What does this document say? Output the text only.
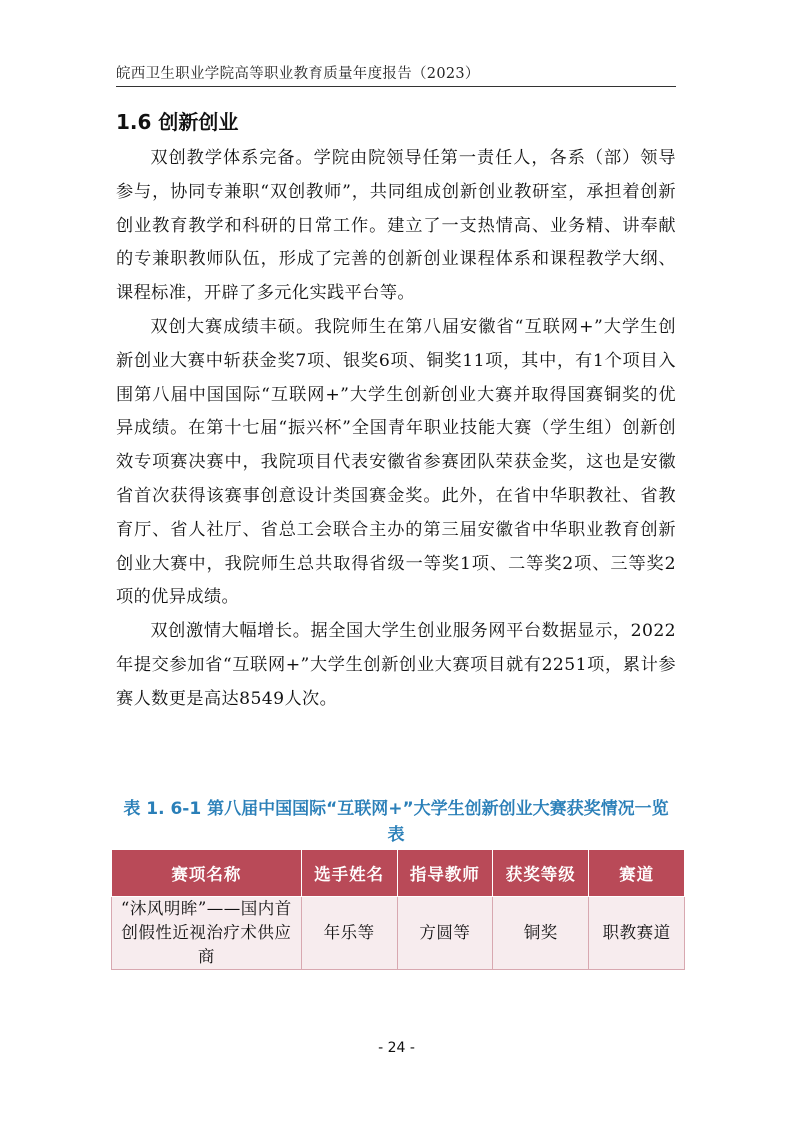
皖西卫生职业学院高等职业教育质量年度报告（2023）
1.6 创新创业

双创教学体系完备。学院由院领导任第一责任人，各系（部）领导参与，协同专兼职“双创教师”，共同组成创新创业教研室，承担着创新创业教育教学和科研的日常工作。建立了一支热情高、业务精、讲奉献的专兼职教师队伍，形成了完善的创新创业课程体系和课程教学大纲、课程标准，开辟了多元化实践平台等。

双创大赛成绩丰硕。我院师生在第八届安徽省“互联网+”大学生创新创业大赛中斩获金奖7项、银奖6项、铜奖11项，其中，有1个项目入围第八届中国国际“互联网+”大学生创新创业大赛并取得国赛铜奖的优异成绩。在第十七届“振兴杯”全国青年职业技能大赛（学生组）创新创效专项赛决赛中，我院项目代表安徽省参赛团队荣获金奖，这也是安徽省首次获得该赛事创意设计类国赛金奖。此外，在省中华职教社、省教育厅、省人社厅、省总工会联合主办的第三届安徽省中华职业教育创新创业大赛中，我院师生总共取得省级一等奖1项、二等奖2项、三等奖2项的优异成绩。

双创激情大幅增长。据全国大学生创业服务网平台数据显示，2022年提交参加省“互联网+”大学生创新创业大赛项目就有2251项，累计参赛人数更是高达8549人次。

表 1. 6-1 第八届中国国际“互联网+”大学生创新创业大赛获奖情况一览表
赛项名称	选手姓名	指导教师	获奖等级	赛道
“沐风明眸”——国内首创假性近视治疗术供应商	年乐等	方圆等	铜奖	职教赛道
- 24 -
